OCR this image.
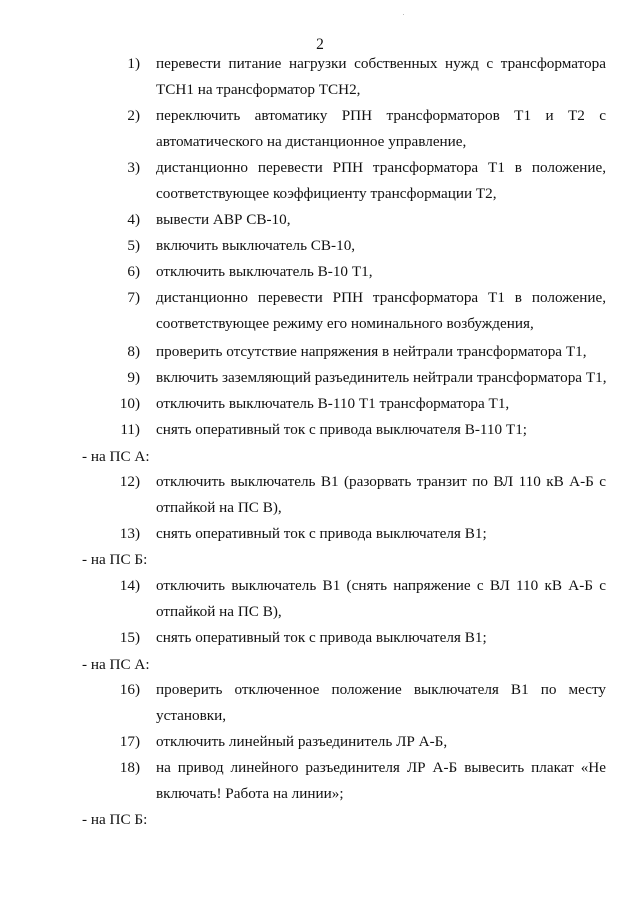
2
1) перевести питание нагрузки собственных нужд с трансформатора
ТСН1 на трансформатор ТСН2,
2) переключить автоматику РПН трансформаторов Т1 и Т2 с
автоматического на дистанционное управление,
3) дистанционно перевести РПН трансформатора Т1 в положение,
соответствующее коэффициенту трансформации Т2,
4) вывести АВР СВ-10,
5) включить выключатель СВ-10,
6) отключить выключатель В-10 Т1,
7) дистанционно перевести РПН трансформатора Т1 в положение,
соответствующее режиму его номинального возбуждения,
8) проверить отсутствие напряжения в нейтрали трансформатора Т1,
9) включить заземляющий разъединитель нейтрали трансформатора Т1,
10) отключить выключатель В-110 Т1 трансформатора Т1,
11) снять оперативный ток с привода выключателя В-110 Т1;
- на ПС А:
12) отключить выключатель В1 (разорвать транзит по ВЛ 110 кВ А-Б с
отпайкой на ПС В),
13) снять оперативный ток с привода выключателя В1;
- на ПС Б:
14) отключить выключатель В1 (снять напряжение с ВЛ 110 кВ А-Б с
отпайкой на ПС В),
15) снять оперативный ток с привода выключателя В1;
- на ПС А:
16) проверить отключенное положение выключателя В1 по месту
установки,
17) отключить линейный разъединитель ЛР А-Б,
18) на привод линейного разъединителя ЛР А-Б вывесить плакат «Не
включать! Работа на линии»;
- на ПС Б:
